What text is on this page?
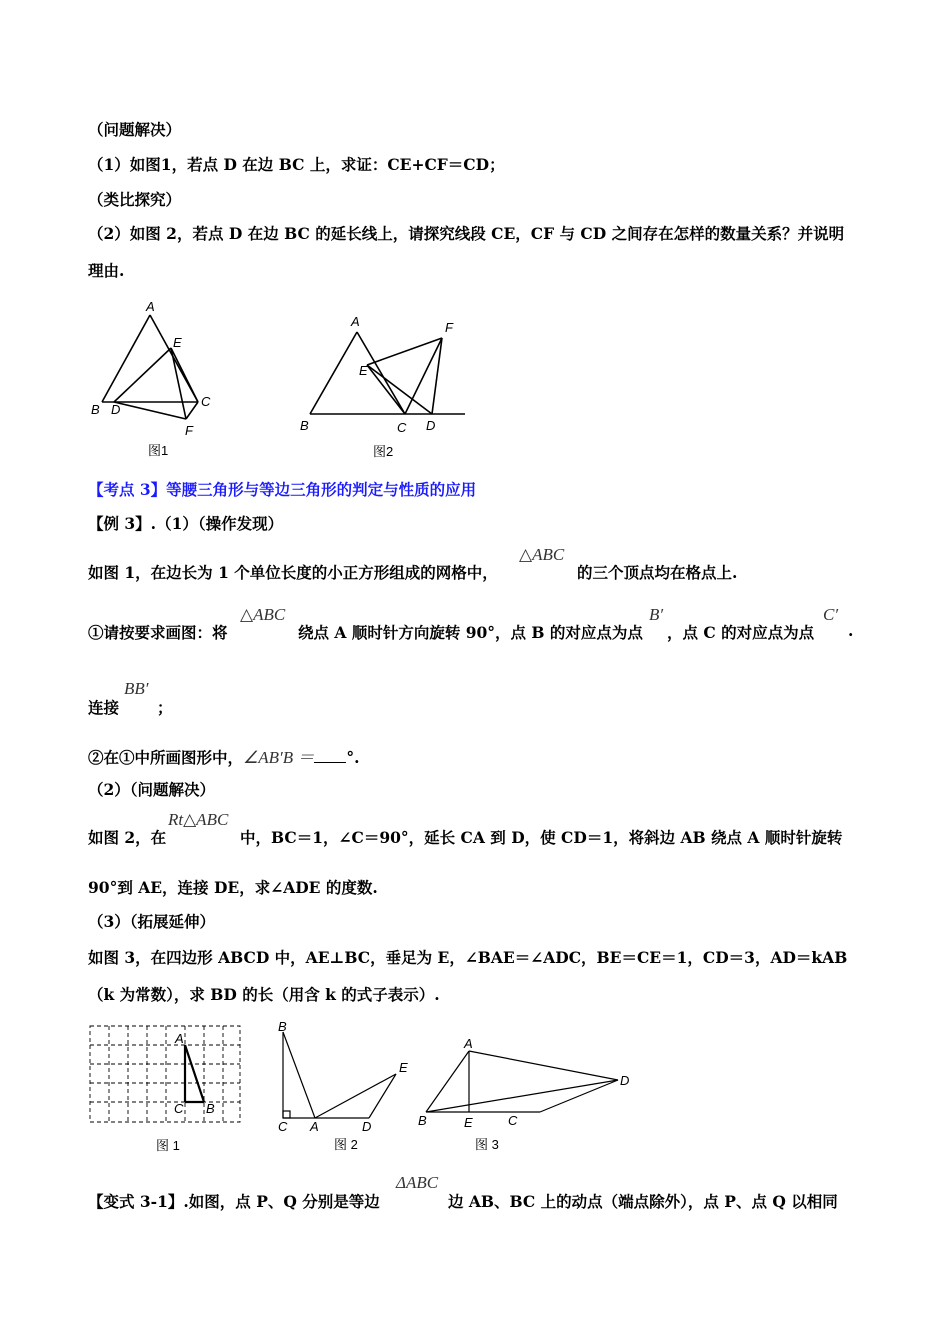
（问题解决）
（1）如图1，若点 D 在边 BC 上，求证：CE+CF＝CD；
（类比探究）
（2）如图 2，若点 D 在边 BC 的延长线上，请探究线段 CE，CF 与 CD 之间存在怎样的数量关系？并说明
理由.
A
E
B D
C
F
图1
A	F
E
B	C D
图2
【考点 3】等腰三角形与等边三角形的判定与性质的应用
【例 3】.（1）（操作发现）
如图 1，在边长为 1 个单位长度的小正方形组成的网格中，
△ABC
的三个顶点均在格点上.
①请按要求画图：将
△ABC
绕点 A 顺时针方向旋转 90°，点 B 的对应点为点
B′
，点 C 的对应点为点
C′
.
连接
BB′
；
②在①中所画图形中，∠AB′B ＝ °.
（2）（问题解决）
如图 2，在
Rt△ABC
中，BC＝1，∠C＝90°，延长 CA 到 D，使 CD＝1，将斜边 AB 绕点 A 顺时针旋转
90°到 AE，连接 DE，求∠ADE 的度数.
（3）（拓展延伸）
如图 3，在四边形 ABCD 中，AE⊥BC，垂足为 E，∠BAE＝∠ADC，BE＝CE＝1，CD＝3，AD＝kAB
（k 为常数），求 BD 的长（用含 k 的式子表示）.
A
C B
图 1
B
E
C A	D
图 2
A
D
B	E	C
图 3
【变式 3-1】.如图，点 P、Q 分别是等边
ΔABC
边 AB、BC 上的动点（端点除外），点 P、点 Q 以相同
